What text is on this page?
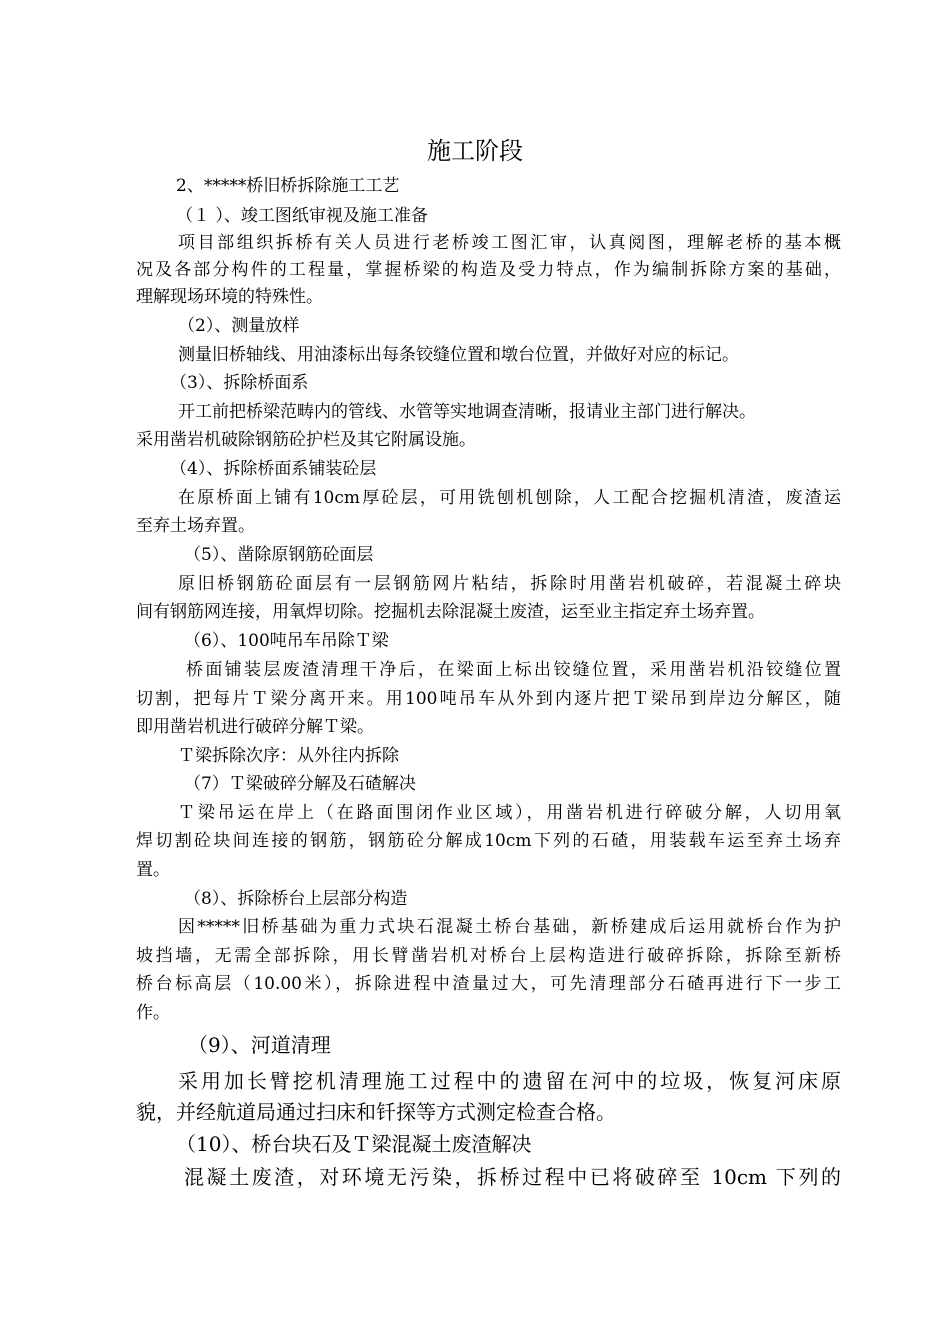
施工阶段
2、*****桥旧桥拆除施工工艺
（１ ）、竣工图纸审视及施工准备
项目部组织拆桥有关人员进行老桥竣工图汇审，认真阅图，理解老桥的基本概
况及各部分构件的工程量，掌握桥梁的构造及受力特点，作为编制拆除方案的基础，
理解现场环境的特殊性。
（2）、测量放样
测量旧桥轴线、用油漆标出每条铰缝位置和墩台位置，并做好对应的标记。
（3）、拆除桥面系
开工前把桥梁范畴内的管线、水管等实地调查清晰，报请业主部门进行解决。
采用凿岩机破除钢筋砼护栏及其它附属设施。
（4）、拆除桥面系铺装砼层
在原桥面上铺有10cm厚砼层，可用铣刨机刨除，人工配合挖掘机清渣，废渣运
至弃土场弃置。
（5）、凿除原钢筋砼面层
原旧桥钢筋砼面层有一层钢筋网片粘结，拆除时用凿岩机破碎，若混凝土碎块
间有钢筋网连接，用氧焊切除。挖掘机去除混凝土废渣，运至业主指定弃土场弃置。
（6）、100吨吊车吊除Ｔ梁
桥面铺装层废渣清理干净后，在梁面上标出铰缝位置，采用凿岩机沿铰缝位置
切割，把每片Ｔ梁分离开来。用100吨吊车从外到内逐片把Ｔ梁吊到岸边分解区，随
即用凿岩机进行破碎分解Ｔ梁。
Ｔ梁拆除次序：从外往内拆除
（7）Ｔ梁破碎分解及石碴解决
Ｔ梁吊运在岸上（在路面围闭作业区域），用凿岩机进行碎破分解，人切用氧
焊切割砼块间连接的钢筋，钢筋砼分解成10cm下列的石碴，用装载车运至弃土场弃
置。
（8）、拆除桥台上层部分构造
因*****旧桥基础为重力式块石混凝土桥台基础，新桥建成后运用就桥台作为护
坡挡墙，无需全部拆除，用长臂凿岩机对桥台上层构造进行破碎拆除，拆除至新桥
桥台标高层（10.00米），拆除进程中渣量过大，可先清理部分石碴再进行下一步工
作。
（9）、河道清理
采用加长臂挖机清理施工过程中的遗留在河中的垃圾，恢复河床原
貌，并经航道局通过扫床和钎探等方式测定检查合格。
（10）、桥台块石及Ｔ梁混凝土废渣解决
混凝土废渣，对环境无污染，拆桥过程中已将破碎至 10cm 下列的
